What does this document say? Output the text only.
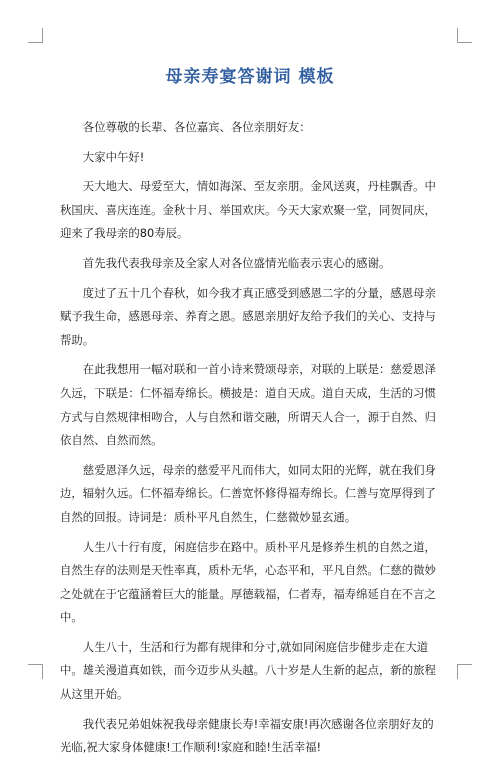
母亲寿宴答谢词 模板

各位尊敬的长辈、各位嘉宾、各位亲朋好友：

大家中午好!

天大地大、母爱至大，情如海深、至友亲朋。金风送爽，丹桂飘香。中秋国庆、喜庆连连。金秋十月、举国欢庆。今天大家欢聚一堂，同贺同庆，迎来了我母亲的80寿辰。

首先我代表我母亲及全家人对各位盛情光临表示衷心的感谢。

度过了五十几个春秋，如今我才真正感受到感恩二字的分量，感恩母亲赋予我生命，感恩母亲、养育之恩。感恩亲朋好友给予我们的关心、支持与帮助。

在此我想用一幅对联和一首小诗来赞颂母亲，对联的上联是：慈爱恩泽久远，下联是：仁怀福寿绵长。横披是：道自天成。道自天成，生活的习惯方式与自然规律相吻合，人与自然和谐交融，所谓天人合一，源于自然、归依自然、自然而然。

慈爱恩泽久远，母亲的慈爱平凡而伟大，如同太阳的光辉，就在我们身边，辐射久远。仁怀福寿绵长。仁善宽怀修得福寿绵长。仁善与宽厚得到了自然的回报。诗词是：质朴平凡自然生，仁慈微妙显玄通。

人生八十行有度，闲庭信步在路中。质朴平凡是修养生机的自然之道，自然生存的法则是天性率真，质朴无华，心态平和，平凡自然。仁慈的微妙之处就在于它蕴涵着巨大的能量。厚德载福，仁者寿，福寿绵延自在不言之中。

人生八十，生活和行为都有规律和分寸,就如同闲庭信步健步走在大道中。雄关漫道真如铁，而今迈步从头越。八十岁是人生新的起点，新的旅程从这里开始。

我代表兄弟姐妹祝我母亲健康长寿!幸福安康!再次感谢各位亲朋好友的光临,祝大家身体健康!工作顺利!家庭和睦!生活幸福!
